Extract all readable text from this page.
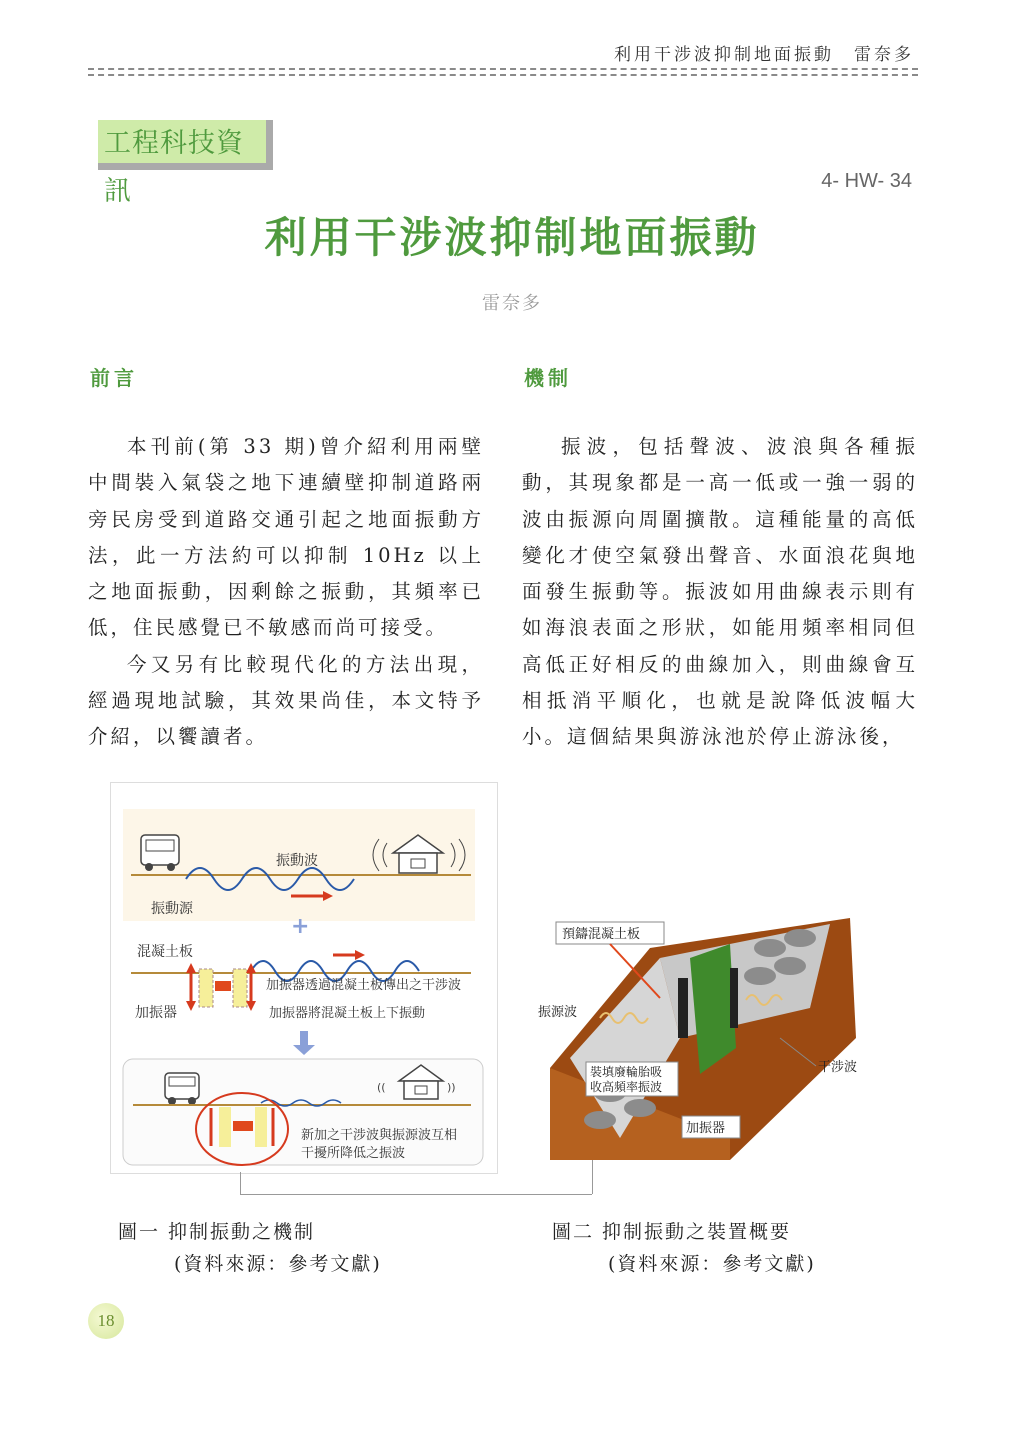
利用干涉波抑制地面振動　雷奈多
工程科技資訊	4- HW- 34
利用干涉波抑制地面振動
雷奈多
前言

本刊前(第 33 期)曾介紹利用兩壁中間裝入氣袋之地下連續壁抑制道路兩旁民房受到道路交通引起之地面振動方法，此一方法約可以抑制 10Hz 以上之地面振動，因剩餘之振動，其頻率已低，住民感覺已不敏感而尚可接受。

今又另有比較現代化的方法出現，經過現地試驗，其效果尚佳，本文特予介紹，以饗讀者。

機制

振波，包括聲波、波浪與各種振動，其現象都是一高一低或一強一弱的波由振源向周圍擴散。這種能量的高低變化才使空氣發出聲音、水面浪花與地面發生振動等。振波如用曲線表示則有如海浪表面之形狀，如能用頻率相同但高低正好相反的曲線加入，則曲線會互相抵消平順化，也就是說降低波幅大小。這個結果與游泳池於停止游泳後，

振動波
振動源
+
混凝土板
加振器透過混凝土板傳出之干涉波
加振器	加振器將混凝土板上下振動
((	))
新加之干涉波與振源波互相
干擾所降低之振波
預鑄混凝土板
振源波
裝填廢輪胎吸
收高頻率振波
干涉波
加振器
圖一 抑制振動之機制
(資料來源：參考文獻)
圖二 抑制振動之裝置概要
(資料來源：參考文獻)
18
